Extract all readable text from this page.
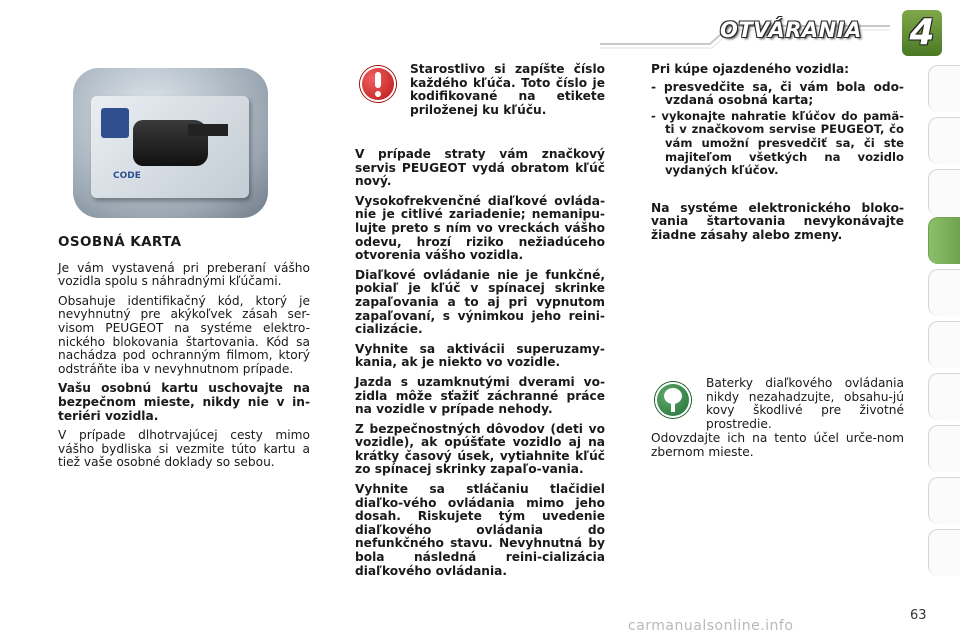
OTVÁRANIA 4
CODE

OSOBNÁ KARTA

Je vám vystavená pri preberaní vášho vozidla spolu s náhradnými kľúčami.

Obsahuje identifikačný kód, ktorý je nevyhnutný pre akýkoľvek zásah ser-visom PEUGEOT na systéme elektro-nického blokovania štartovania. Kód sa nachádza pod ochranným filmom, ktorý odstráňte iba v nevyhnutnom prípade.

Vašu osobnú kartu uschovajte na bezpečnom mieste, nikdy nie v in-teriéri vozidla.

V prípade dlhotrvajúcej cesty mimo vášho bydliska si vezmite túto kartu a tiež vaše osobné doklady so sebou.

Starostlivo si zapíšte číslo každého kľúča. Toto číslo je kodifikované na etikete priloženej ku kľúču.

V prípade straty vám značkový servis PEUGEOT vydá obratom kľúč nový.

Vysokofrekvenčné diaľkové ovláda-nie je citlivé zariadenie; nemanipu-lujte preto s ním vo vreckách vášho odevu, hrozí riziko nežiadúceho otvorenia vášho vozidla.

Diaľkové ovládanie nie je funkčné, pokiaľ je kľúč v spínacej skrinke zapaľovania a to aj pri vypnutom zapaľovaní, s výnimkou jeho reini-cializácie.

Vyhnite sa aktivácii superuzamy-kania, ak je niekto vo vozidle.

Jazda s uzamknutými dverami vo-zidla môže sťažiť záchranné práce na vozidle v prípade nehody.

Z bezpečnostných dôvodov (deti vo vozidle), ak opúšťate vozidlo aj na krátky časový úsek, vytiahnite kľúč zo spínacej skrinky zapaľo-vania.

Vyhnite sa stláčaniu tlačidiel diaľko-vého ovládania mimo jeho dosah. Riskujete tým uvedenie diaľkového ovládania do nefunkčného stavu. Nevyhnutná by bola následná reini-cializácia diaľkového ovládania.

Pri kúpe ojazdeného vozidla:

- presvedčite sa, či vám bola odo-vzdaná osobná karta;

- vykonajte nahratie kľúčov do pamä-ti v značkovom servise PEUGEOT, čo vám umožní presvedčiť sa, či ste majiteľom všetkých na vozidlo vydaných kľúčov.

Na systéme elektronického bloko-vania štartovania nevykonávajte žiadne zásahy alebo zmeny.

Baterky diaľkového ovládania nikdy nezahadzujte, obsahu-jú kovy škodlivé pre životné prostredie.
Odovzdajte ich na tento účel urče-nom zbernom mieste.
63
carmanualsonline.info
